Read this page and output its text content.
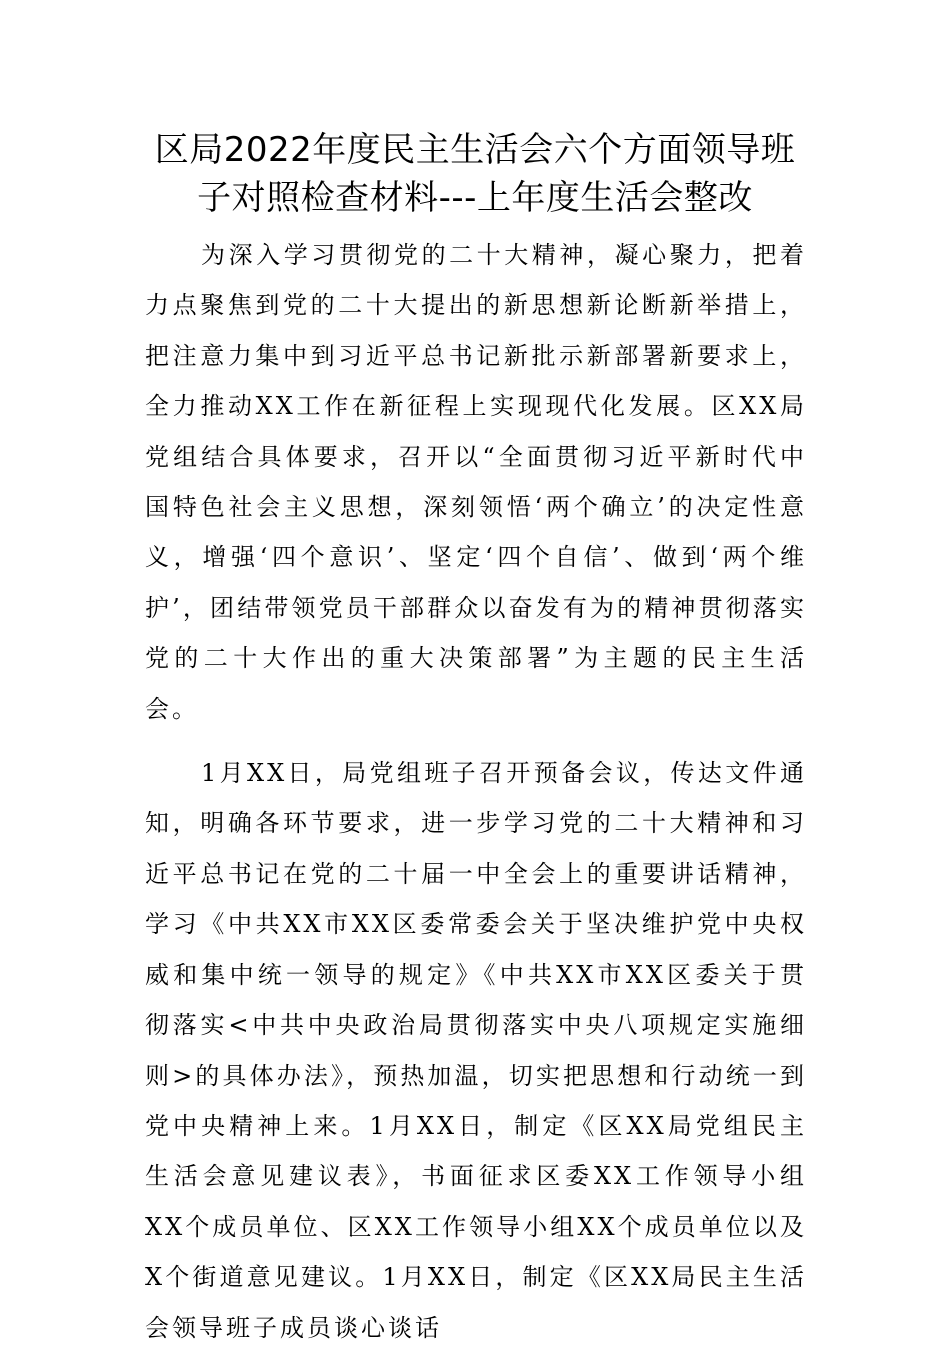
区局2022年度民主生活会六个方面领导班子对照检查材料---上年度生活会整改

为深入学习贯彻党的二十大精神，凝心聚力，把着力点聚焦到党的二十大提出的新思想新论断新举措上，把注意力集中到习近平总书记新批示新部署新要求上，全力推动XX工作在新征程上实现现代化发展。区XX局党组结合具体要求，召开以“全面贯彻习近平新时代中国特色社会主义思想，深刻领悟‘两个确立’的决定性意义，增强‘四个意识’、坚定‘四个自信’、做到‘两个维护’，团结带领党员干部群众以奋发有为的精神贯彻落实党的二十大作出的重大决策部署”为主题的民主生活会。

1月XX日，局党组班子召开预备会议，传达文件通知，明确各环节要求，进一步学习党的二十大精神和习近平总书记在党的二十届一中全会上的重要讲话精神，学习《中共XX市XX区委常委会关于坚决维护党中央权威和集中统一领导的规定》《中共XX市XX区委关于贯彻落实<中共中央政治局贯彻落实中央八项规定实施细则>的具体办法》，预热加温，切实把思想和行动统一到党中央精神上来。1月XX日，制定《区XX局党组民主生活会意见建议表》，书面征求区委XX工作领导小组XX个成员单位、区XX工作领导小组XX个成员单位以及X个街道意见建议。1月XX日，制定《区XX局民主生活会领导班子成员谈心谈话
